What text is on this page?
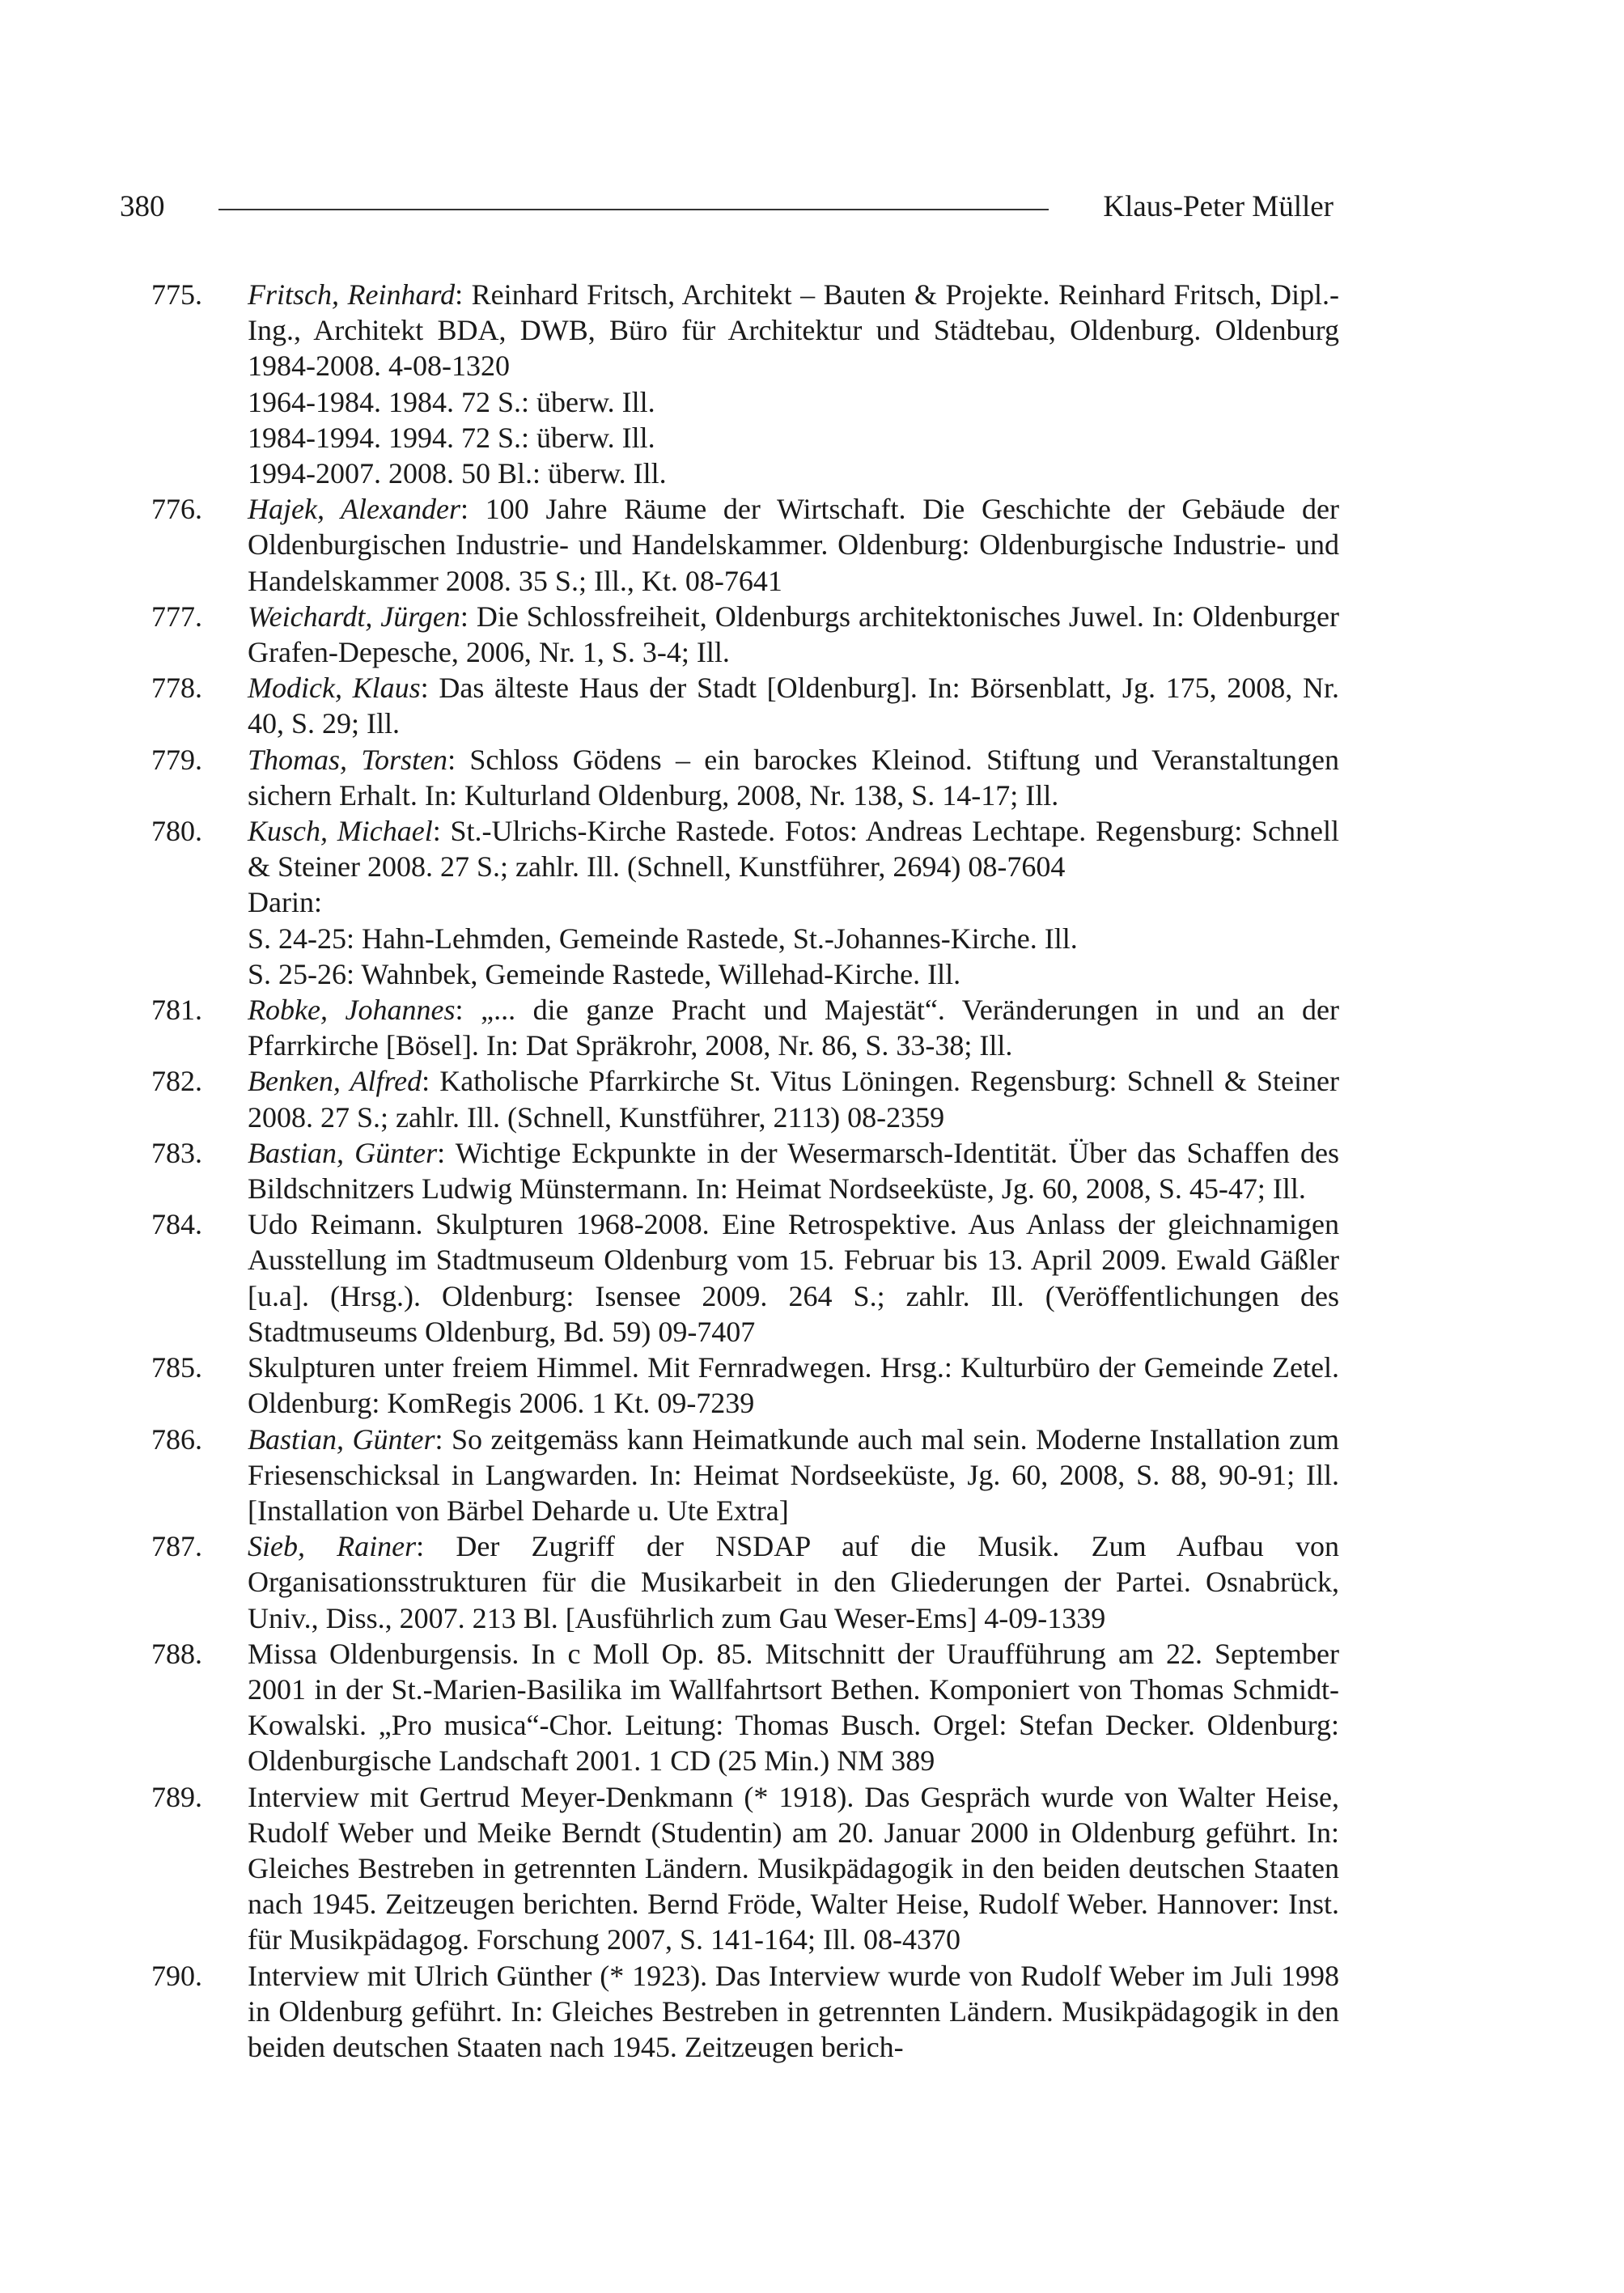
380	Klaus-Peter Müller

775.	Fritsch, Reinhard: Reinhard Fritsch, Architekt – Bauten & Projekte. Reinhard Fritsch, Dipl.-Ing., Architekt BDA, DWB, Büro für Architektur und Städtebau, Oldenburg. Oldenburg 1984-2008. 4-08-1320
1964-1984. 1984. 72 S.: überw. Ill.
1984-1994. 1994. 72 S.: überw. Ill.
1994-2007. 2008. 50 Bl.: überw. Ill.

776.	Hajek, Alexander: 100 Jahre Räume der Wirtschaft. Die Geschichte der Gebäude der Oldenburgischen Industrie- und Handelskammer. Oldenburg: Oldenburgische Industrie- und Handelskammer 2008. 35 S.; Ill., Kt. 08-7641

777.	Weichardt, Jürgen: Die Schlossfreiheit, Oldenburgs architektonisches Juwel. In: Oldenburger Grafen-Depesche, 2006, Nr. 1, S. 3-4; Ill.

778.	Modick, Klaus: Das älteste Haus der Stadt [Oldenburg]. In: Börsenblatt, Jg. 175, 2008, Nr. 40, S. 29; Ill.

779.	Thomas, Torsten: Schloss Gödens – ein barockes Kleinod. Stiftung und Veranstaltungen sichern Erhalt. In: Kulturland Oldenburg, 2008, Nr. 138, S. 14-17; Ill.

780.	Kusch, Michael: St.-Ulrichs-Kirche Rastede. Fotos: Andreas Lechtape. Regensburg: Schnell & Steiner 2008. 27 S.; zahlr. Ill. (Schnell, Kunstführer, 2694) 08-7604
Darin:
S. 24-25: Hahn-Lehmden, Gemeinde Rastede, St.-Johannes-Kirche. Ill.
S. 25-26: Wahnbek, Gemeinde Rastede, Willehad-Kirche. Ill.

781.	Robke, Johannes: „... die ganze Pracht und Majestät“. Veränderungen in und an der Pfarrkirche [Bösel]. In: Dat Spräkrohr, 2008, Nr. 86, S. 33-38; Ill.

782.	Benken, Alfred: Katholische Pfarrkirche St. Vitus Löningen. Regensburg: Schnell & Steiner 2008. 27 S.; zahlr. Ill. (Schnell, Kunstführer, 2113) 08-2359

783.	Bastian, Günter: Wichtige Eckpunkte in der Wesermarsch-Identität. Über das Schaffen des Bildschnitzers Ludwig Münstermann. In: Heimat Nordseeküste, Jg. 60, 2008, S. 45-47; Ill.

784.	Udo Reimann. Skulpturen 1968-2008. Eine Retrospektive. Aus Anlass der gleichnamigen Ausstellung im Stadtmuseum Oldenburg vom 15. Februar bis 13. April 2009. Ewald Gäßler [u.a]. (Hrsg.). Oldenburg: Isensee 2009. 264 S.; zahlr. Ill. (Veröffentlichungen des Stadtmuseums Oldenburg, Bd. 59) 09-7407

785.	Skulpturen unter freiem Himmel. Mit Fernradwegen. Hrsg.: Kulturbüro der Gemeinde Zetel. Oldenburg: KomRegis 2006. 1 Kt. 09-7239

786.	Bastian, Günter: So zeitgemäss kann Heimatkunde auch mal sein. Moderne Installation zum Friesenschicksal in Langwarden. In: Heimat Nordseeküste, Jg. 60, 2008, S. 88, 90-91; Ill. [Installation von Bärbel Deharde u. Ute Extra]

787.	Sieb, Rainer: Der Zugriff der NSDAP auf die Musik. Zum Aufbau von Organisationsstrukturen für die Musikarbeit in den Gliederungen der Partei. Osnabrück, Univ., Diss., 2007. 213 Bl. [Ausführlich zum Gau Weser-Ems] 4-09-1339

788.	Missa Oldenburgensis. In c Moll Op. 85. Mitschnitt der Uraufführung am 22. September 2001 in der St.-Marien-Basilika im Wallfahrtsort Bethen. Komponiert von Thomas Schmidt-Kowalski. „Pro musica“-Chor. Leitung: Thomas Busch. Orgel: Stefan Decker. Oldenburg: Oldenburgische Landschaft 2001. 1 CD (25 Min.) NM 389

789.	Interview mit Gertrud Meyer-Denkmann (* 1918). Das Gespräch wurde von Walter Heise, Rudolf Weber und Meike Berndt (Studentin) am 20. Januar 2000 in Oldenburg geführt. In: Gleiches Bestreben in getrennten Ländern. Musikpädagogik in den beiden deutschen Staaten nach 1945. Zeitzeugen berichten. Bernd Fröde, Walter Heise, Rudolf Weber. Hannover: Inst. für Musikpädagog. Forschung 2007, S. 141-164; Ill. 08-4370

790.	Interview mit Ulrich Günther (* 1923). Das Interview wurde von Rudolf Weber im Juli 1998 in Oldenburg geführt. In: Gleiches Bestreben in getrennten Ländern. Musikpädagogik in den beiden deutschen Staaten nach 1945. Zeitzeugen berich-
